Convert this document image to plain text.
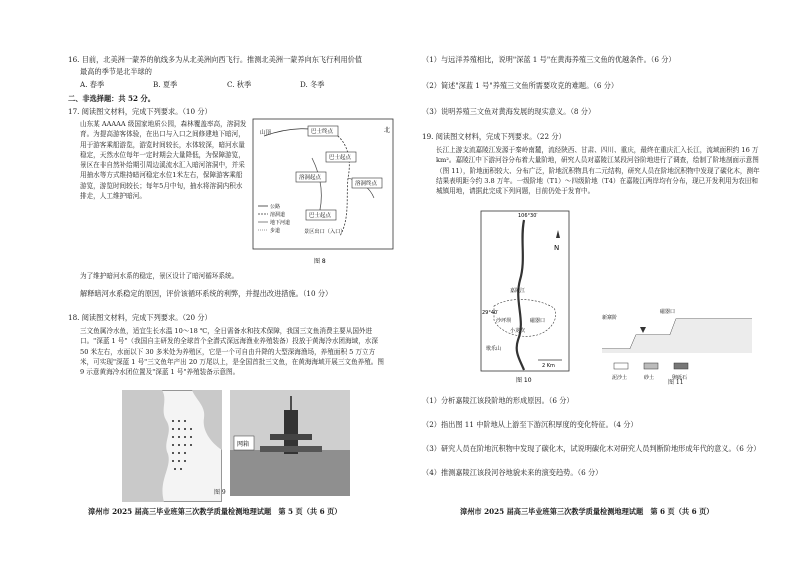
16. 目前，北美洲一蒙养的航线多为从北美洲向西飞行。推测北美洲一蒙养向东飞行利用价值
最高的季节是北半球的
A. 春季	B. 夏季	C. 秋季	D. 冬季
二、非选择题：共 52 分。
17. 阅读图文材料，完成下列要求。（10 分）
山东某 AAAAA 级国家地质公园，森林覆盖率高，溶洞发育。为提高游客体验，在出口与入口之间修建地下暗河，用于游客乘船游览，游览时间较长，水体较深，暗河水量稳定，天然水位每年一定时期会大量降低，为保障游览，景区在非自然补给期引周边溪流水汇入暗河溶洞中，并采用抽水等方式维持暗河稳定水位1米左右，保障游客乘船游览，游览时间较长；每年5月中旬，抽水将溶洞内积水排走，人工维护暗河。
北
山顶	巴士终点
巴士起点
溶洞起点
溶洞终点
巴士起点
景区出口（入口）
公路
溶洞道
地下河道
步道
图 8
为了维护暗河水系的稳定，景区设计了暗河循环系统。
解释暗河水系稳定的原因，评价该循环系统的利弊，并提出改进措施。（10 分）
18. 阅读图文材料，完成下列要求。（20 分）
三文鱼属冷水鱼，适宜生长水温 10～18 ℃，全日需备水和技术保障，我国三文鱼消费主要从国外进口。"深蓝 1 号"（我国自主研发的全球首个全潜式深远海渔业养殖装备）投放于黄海冷水团海域，水深 50 米左右，水面以下 30 多米处为养殖区，它是一个可自由升降的大型深海渔场，养殖面积 5 万立方米，可实现"深蓝 1 号"三文鱼年产出 20 万尾以上，是全国首批三文鱼，在黄海海域开展三文鱼养殖。图 9 示意黄海冷水团位置及"深蓝 1 号"养殖装备示意图。
网箱
图 9
漳州市 2025 届高三毕业班第三次教学质量检测地理试题　第 5 页（共 6 页）
（1）与远洋养殖相比，说明"深蓝 1 号"在黄海养殖三文鱼的优越条件。（6 分）
（2）简述"深蓝 1 号"养殖三文鱼所需要攻克的难题。（6 分）
（3）说明养殖三文鱼对黄海发展的现实意义。（8 分）
19. 阅读图文材料，完成下列要求。（22 分）
长江上游支流嘉陵江发源于秦岭南麓，流经陕西、甘肃、四川、重庆，最终在重庆汇入长江，流域面积约 16 万 km²。嘉陵江中下游河谷分布着大量阶地，研究人员对嘉陵江某段河谷阶地进行了调查，绘制了阶地剖面示意图（图 11），阶地面积较大、分布广泛，阶地沉积物具有二元结构，研究人员在阶地沉积物中发现了碳化木，测年结果表明距今约 3.8 万年。一级阶地（T1）～四级阶地（T4）在嘉陵江两岸均有分布，现已开发利用为农田和城镇用地，请据此完成下列问题，目前仍处于发育中。
106°30′
N
29°40′
嘉陵江
沙坪坝	磁器口
小龙坎
歌乐山
2 Km
图 10
新寨阶
磁器口
泥沙土	砂土	卵砾石
图 11
（1）分析嘉陵江该段阶地的形成原因。（6 分）
（2）指出图 11 中阶地从上游至下游沉积厚度的变化特征。（4 分）
（3）研究人员在阶地沉积物中发现了碳化木，试说明碳化木对研究人员判断阶地形成年代的意义。（6 分）
（4）推测嘉陵江该段河谷地貌未来的演变趋势。（6 分）
漳州市 2025 届高三毕业班第三次教学质量检测地理试题　第 6 页（共 6 页）
